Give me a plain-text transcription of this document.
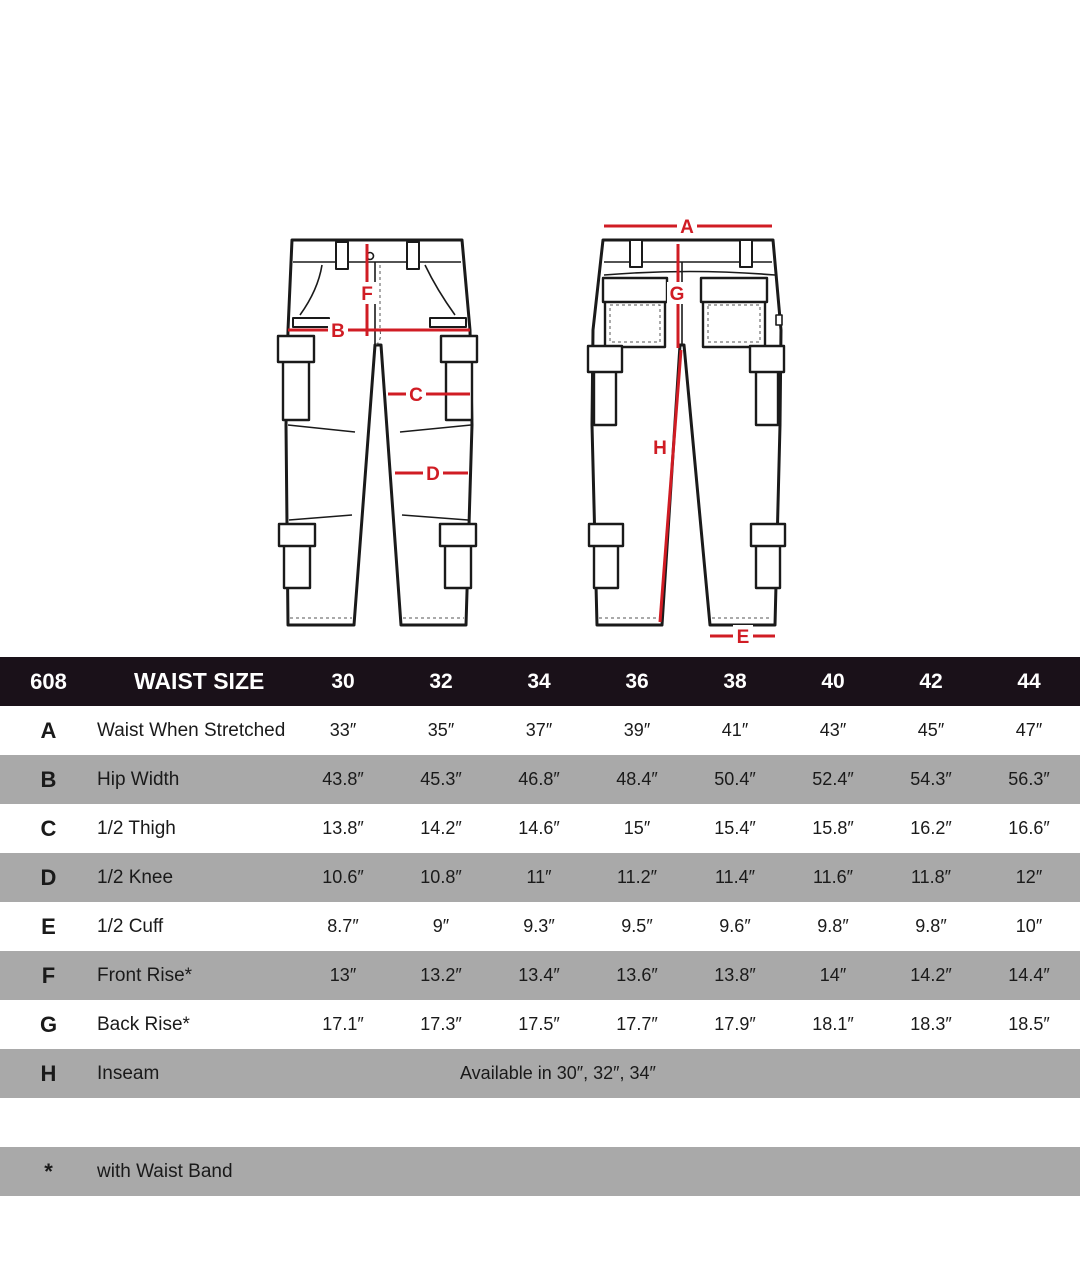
F
B
C
D
A
G
H
E
608	WAIST SIZE	30	32	34	36	38	40	42	44
A	Waist When Stretched	33″	35″	37″	39″	41″	43″	45″	47″
B	Hip Width	43.8″	45.3″	46.8″	48.4″	50.4″	52.4″	54.3″	56.3″
C	1/2 Thigh	13.8″	14.2″	14.6″	15″	15.4″	15.8″	16.2″	16.6″
D	1/2 Knee	10.6″	10.8″	11″	11.2″	11.4″	11.6″	11.8″	12″
E	1/2 Cuff	8.7″	9″	9.3″	9.5″	9.6″	9.8″	9.8″	10″
F	Front Rise*	13″	13.2″	13.4″	13.6″	13.8″	14″	14.2″	14.4″
G	Back Rise*	17.1″	17.3″	17.5″	17.7″	17.9″	18.1″	18.3″	18.5″
H	Inseam	Available in 30″, 32″, 34″
*	with Waist Band
